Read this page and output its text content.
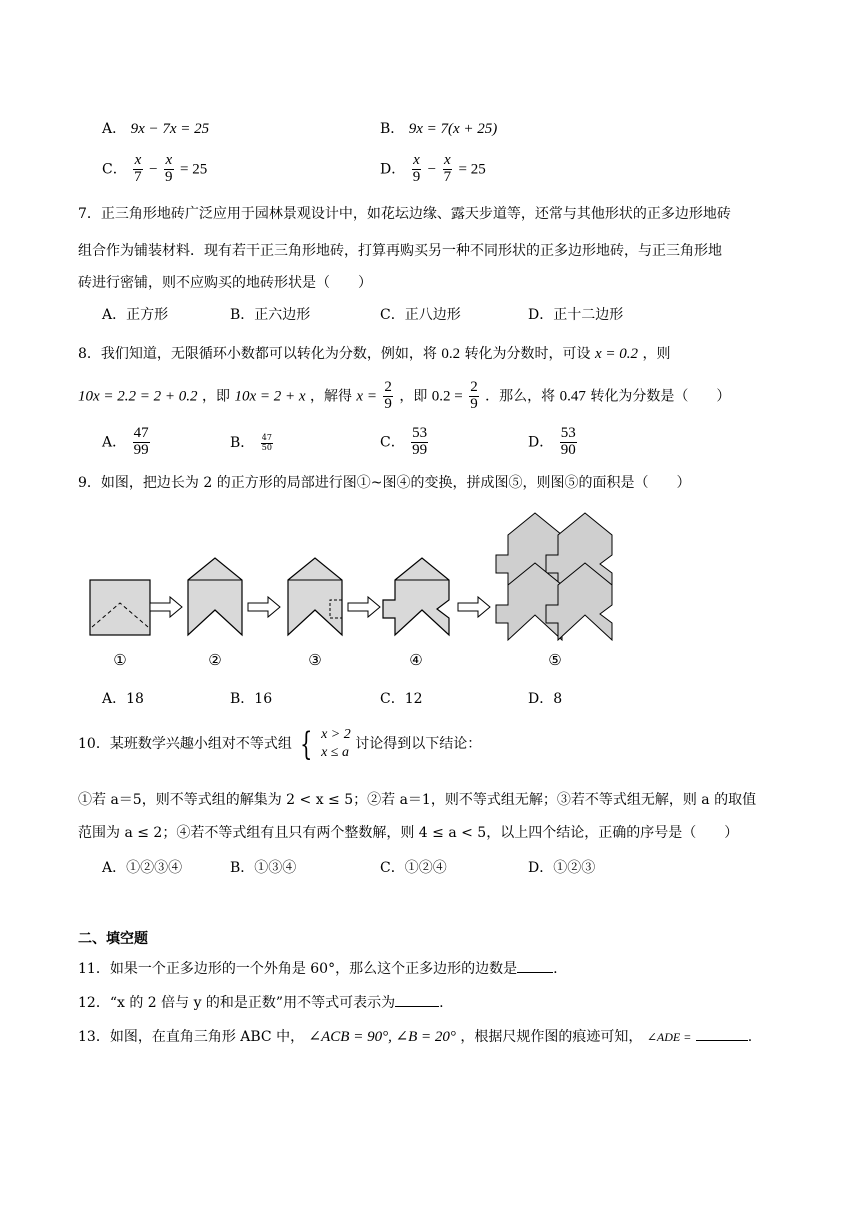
A． 9x − 7x = 25	B． 9x = 7(x + 25)
C． $\frac{x}{7} - \frac{x}{9} = 25$	D． $\frac{x}{9} - \frac{x}{7} = 25$
7．正三角形地砖广泛应用于园林景观设计中，如花坛边缘、露天步道等，还常与其他形状的正多边形地砖
组合作为铺装材料．现有若干正三角形地砖，打算再购买另一种不同形状的正多边形地砖，与正三角形地
砖进行密铺，则不应购买的地砖形状是（　　）
A．正方形	B．正六边形	C．正八边形	D．正十二边形
8．我们知道，无限循环小数都可以转化为分数，例如，将 0.2 转化为分数时，可设 x = 0.2 ，则
10x = 2.2 = 2 + 0.2 ，即 10x = 2 + x ，解得 $x = \frac{2}{9}$ ，即 $0.2 = \frac{2}{9}$ ．那么，将 0.47 转化为分数是（　　）
A． $\frac{47}{99}$	B． $\frac{47}{50}$	C． $\frac{53}{99}$	D． $\frac{53}{90}$
9．如图，把边长为 2 的正方形的局部进行图①~图④的变换，拼成图⑤，则图⑤的面积是（　　）
①	②	③	④	⑤
A．18	B．16	C．12	D．8
10．某班数学兴趣小组对不等式组 { x > 2
x ≤ a
讨论得到以下结论：
①若 a＝5，则不等式组的解集为 2 < x ≤ 5；②若 a＝1，则不等式组无解；③若不等式组无解，则 a 的取值
范围为 a ≤ 2；④若不等式组有且只有两个整数解，则 4 ≤ a < 5，以上四个结论，正确的序号是（　　）
A．①②③④	B．①③④	C．①②④	D．①②③
二、填空题
11．如果一个正多边形的一个外角是 60°，那么这个正多边形的边数是	.
12．“x 的 2 倍与 y 的和是正数”用不等式可表示为	.
13．如图，在直角三角形 ABC 中， ∠ACB = 90°, ∠B = 20° ，根据尺规作图的痕迹可知， ∠ADE =	.
